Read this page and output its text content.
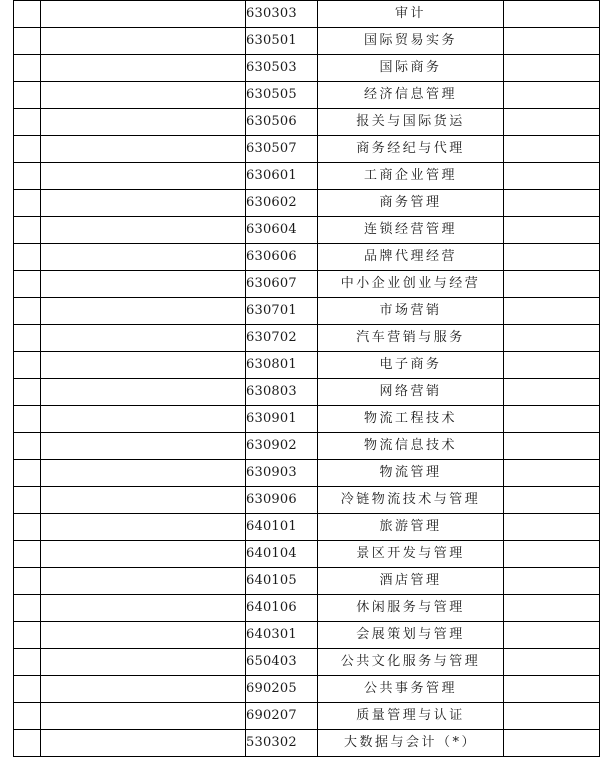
		630303	审计	
		630501	国际贸易实务	
		630503	国际商务	
		630505	经济信息管理	
		630506	报关与国际货运	
		630507	商务经纪与代理	
		630601	工商企业管理	
		630602	商务管理	
		630604	连锁经营管理	
		630606	品牌代理经营	
		630607	中小企业创业与经营	
		630701	市场营销	
		630702	汽车营销与服务	
		630801	电子商务	
		630803	网络营销	
		630901	物流工程技术	
		630902	物流信息技术	
		630903	物流管理	
		630906	冷链物流技术与管理	
		640101	旅游管理	
		640104	景区开发与管理	
		640105	酒店管理	
		640106	休闲服务与管理	
		640301	会展策划与管理	
		650403	公共文化服务与管理	
		690205	公共事务管理	
		690207	质量管理与认证	
		530302	大数据与会计（*）	
